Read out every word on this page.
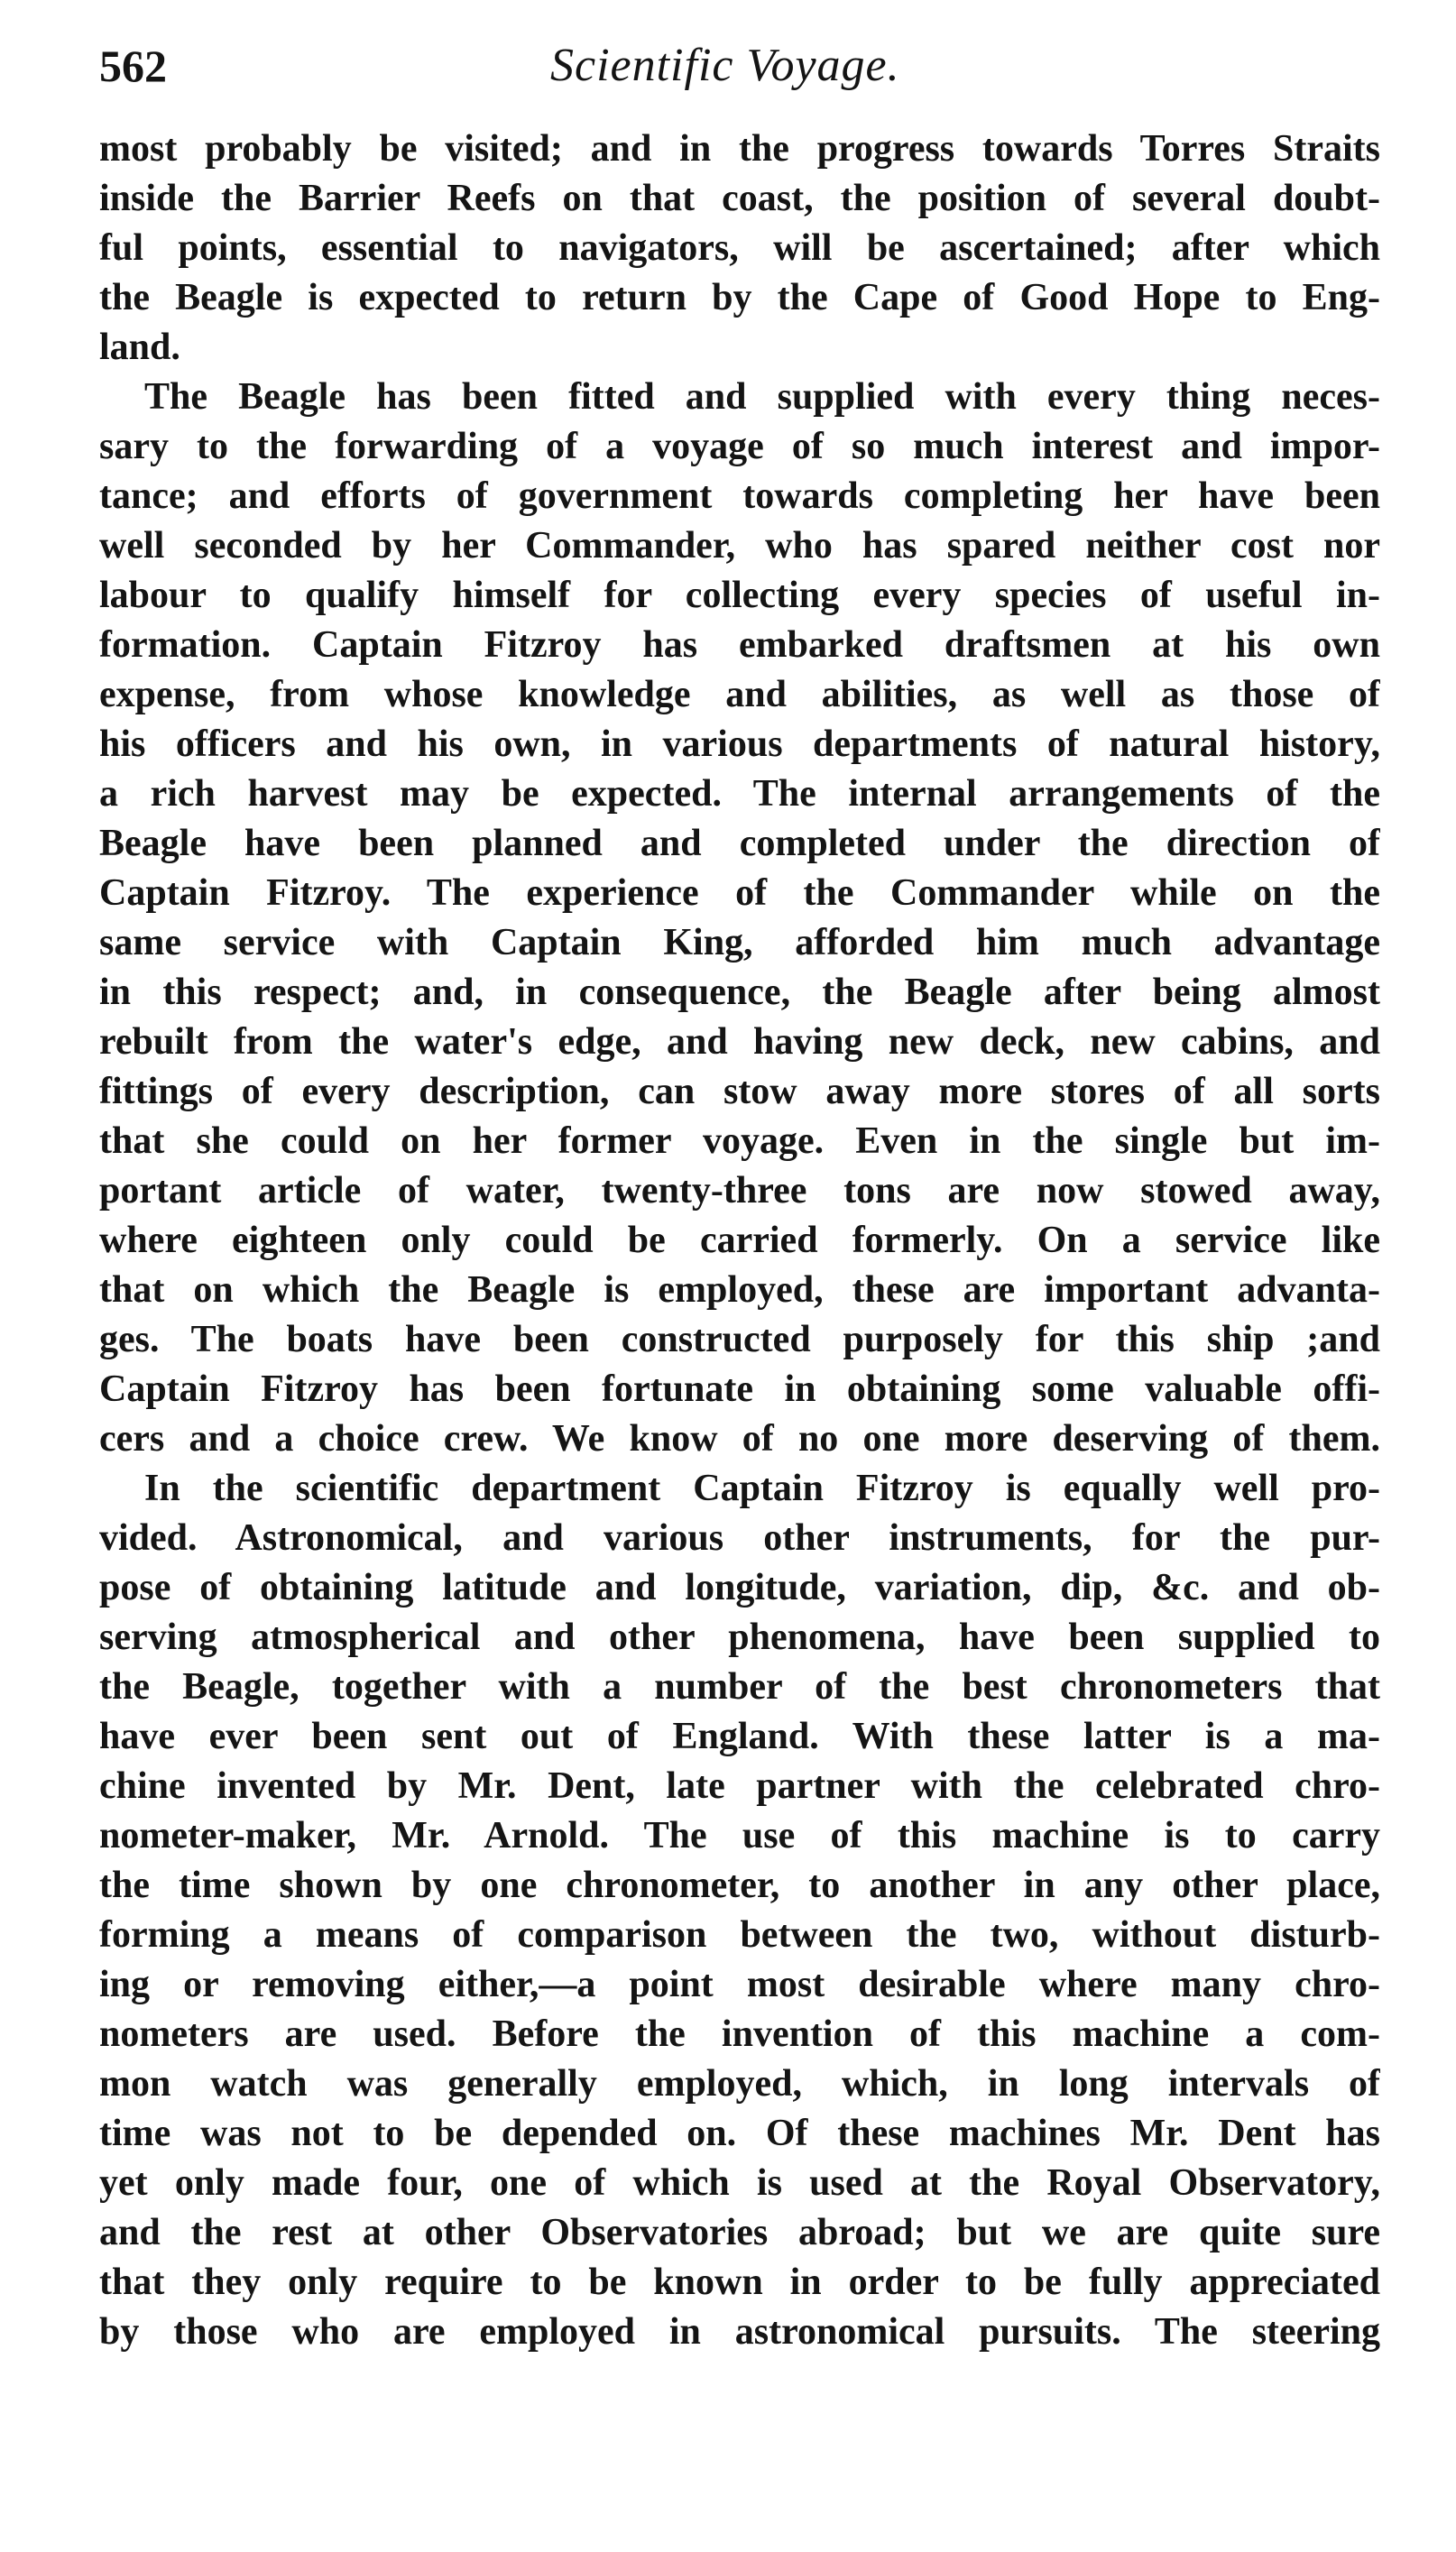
562	Scientific Voyage.
most probably be visited; and in the progress towards Torres Straits
inside the Barrier Reefs on that coast, the position of several doubt-
ful points, essential to navigators, will be ascertained; after which
the Beagle is expected to return by the Cape of Good Hope to Eng-
land.
The Beagle has been fitted and supplied with every thing neces-
sary to the forwarding of a voyage of so much interest and impor-
tance; and efforts of government towards completing her have been
well seconded by her Commander, who has spared neither cost nor
labour to qualify himself for collecting every species of useful in-
formation. Captain Fitzroy has embarked draftsmen at his own
expense, from whose knowledge and abilities, as well as those of
his officers and his own, in various departments of natural history,
a rich harvest may be expected. The internal arrangements of the
Beagle have been planned and completed under the direction of
Captain Fitzroy. The experience of the Commander while on the
same service with Captain King, afforded him much advantage
in this respect; and, in consequence, the Beagle after being almost
rebuilt from the water's edge, and having new deck, new cabins, and
fittings of every description, can stow away more stores of all sorts
that she could on her former voyage. Even in the single but im-
portant article of water, twenty-three tons are now stowed away,
where eighteen only could be carried formerly. On a service like
that on which the Beagle is employed, these are important advanta-
ges. The boats have been constructed purposely for this ship ;and
Captain Fitzroy has been fortunate in obtaining some valuable offi-
cers and a choice crew. We know of no one more deserving of them.
In the scientific department Captain Fitzroy is equally well pro-
vided. Astronomical, and various other instruments, for the pur-
pose of obtaining latitude and longitude, variation, dip, &c. and ob-
serving atmospherical and other phenomena, have been supplied to
the Beagle, together with a number of the best chronometers that
have ever been sent out of England. With these latter is a ma-
chine invented by Mr. Dent, late partner with the celebrated chro-
nometer-maker, Mr. Arnold. The use of this machine is to carry
the time shown by one chronometer, to another in any other place,
forming a means of comparison between the two, without disturb-
ing or removing either,—a point most desirable where many chro-
nometers are used. Before the invention of this machine a com-
mon watch was generally employed, which, in long intervals of
time was not to be depended on. Of these machines Mr. Dent has
yet only made four, one of which is used at the Royal Observatory,
and the rest at other Observatories abroad; but we are quite sure
that they only require to be known in order to be fully appreciated
by those who are employed in astronomical pursuits. The steering
